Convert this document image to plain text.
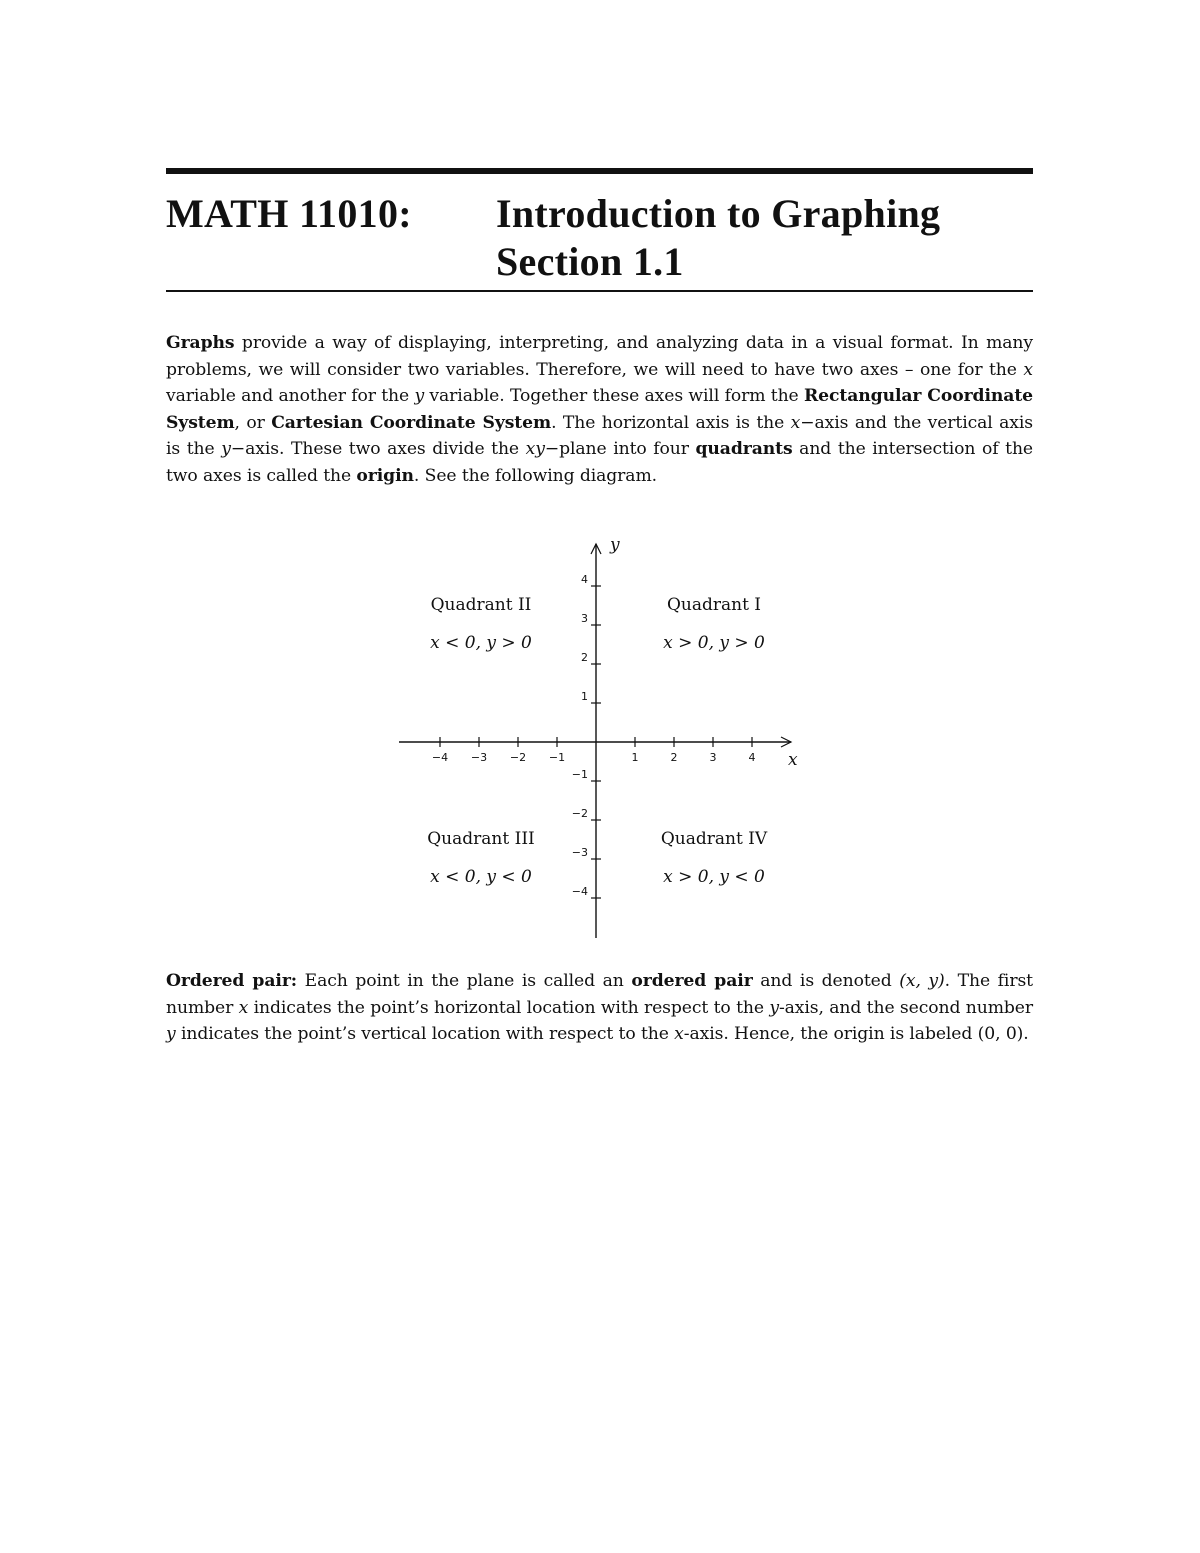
MATH 11010: Introduction to Graphing
Section 1.1

Graphs provide a way of displaying, interpreting, and analyzing data in a visual format. In many problems, we will consider two variables. Therefore, we will need to have two axes – one for the x variable and another for the y variable. Together these axes will form the Rectangular Coordinate System, or Cartesian Coordinate System. The horizontal axis is the x−axis and the vertical axis is the y−axis. These two axes divide the xy−plane into four quadrants and the intersection of the two axes is called the origin. See the following diagram.

y
x
−4 −3 −2 −1	1	2	3	4
4
3
2
1
−1
−2
−3
−4
Quadrant II
x < 0, y > 0
Quadrant I
x > 0, y > 0
Quadrant III
x < 0, y < 0
Quadrant IV
x > 0, y < 0

Ordered pair: Each point in the plane is called an ordered pair and is denoted (x, y). The first number x indicates the point’s horizontal location with respect to the y-axis, and the second number y indicates the point’s vertical location with respect to the x-axis. Hence, the origin is labeled (0, 0).
